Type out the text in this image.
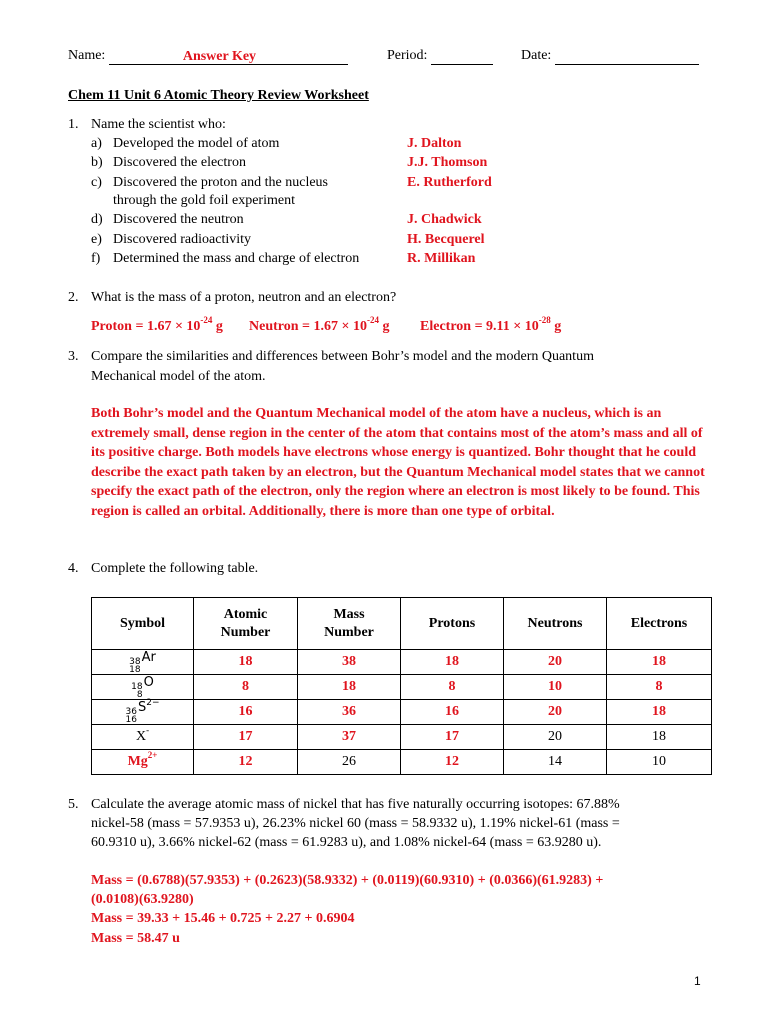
Name:	Answer Key	Period:	Date:
Chem 11 Unit 6 Atomic Theory Review Worksheet
1. Name the scientist who:
a) Developed the model of atom	J. Dalton
b) Discovered the electron	J.J. Thomson
c) Discovered the proton and the nucleus
through the gold foil experiment
E. Rutherford
d) Discovered the neutron	J. Chadwick
e) Discovered radioactivity	H. Becquerel
f) Determined the mass and charge of electron	R. Millikan
2. What is the mass of a proton, neutron and an electron?
Proton = $1.67 \times 10^{-24}$ g Neutron = $1.67 \times 10^{-24}$ g Electron = $9.11 \times 10^{-28}$ g
3. Compare the similarities and differences between Bohr’s model and the modern Quantum
Mechanical model of the atom.
Both Bohr’s model and the Quantum Mechanical model of the atom have a nucleus, which is an extremely small, dense region in the center of the atom that contains most of the atom’s mass and all of its positive charge. Both models have electrons whose energy is quantized. Bohr thought that he could describe the exact path taken by an electron, but the Quantum Mechanical model states that we cannot specify the exact path of the electron, only the region where an electron is most likely to be found. This region is called an orbital. Additionally, there is more than one type of orbital.
4. Complete the following table.
Symbol	Atomic Number	Mass Number	Protons	Neutrons	Electrons

38
18
Ar	18	38	18	20	18

18
8
O	8	18	8	10	8

36
16
$S^{2-}$	16	36	16	20	18
X-	17	37	17	20	18
$Mg^{2+}$	12	26	12	14	10
5. Calculate the average atomic mass of nickel that has five naturally occurring isotopes: 67.88%
nickel-58 (mass = 57.9353 u), 26.23% nickel 60 (mass = 58.9332 u), 1.19% nickel-61 (mass =
60.9310 u), 3.66% nickel-62 (mass = 61.9283 u), and 1.08% nickel-64 (mass = 63.9280 u).
Mass = (0.6788)(57.9353) + (0.2623)(58.9332) + (0.0119)(60.9310) + (0.0366)(61.9283) +
(0.0108)(63.9280)
Mass = 39.33 + 15.46 + 0.725 + 2.27 + 0.6904
Mass = 58.47 u
1
